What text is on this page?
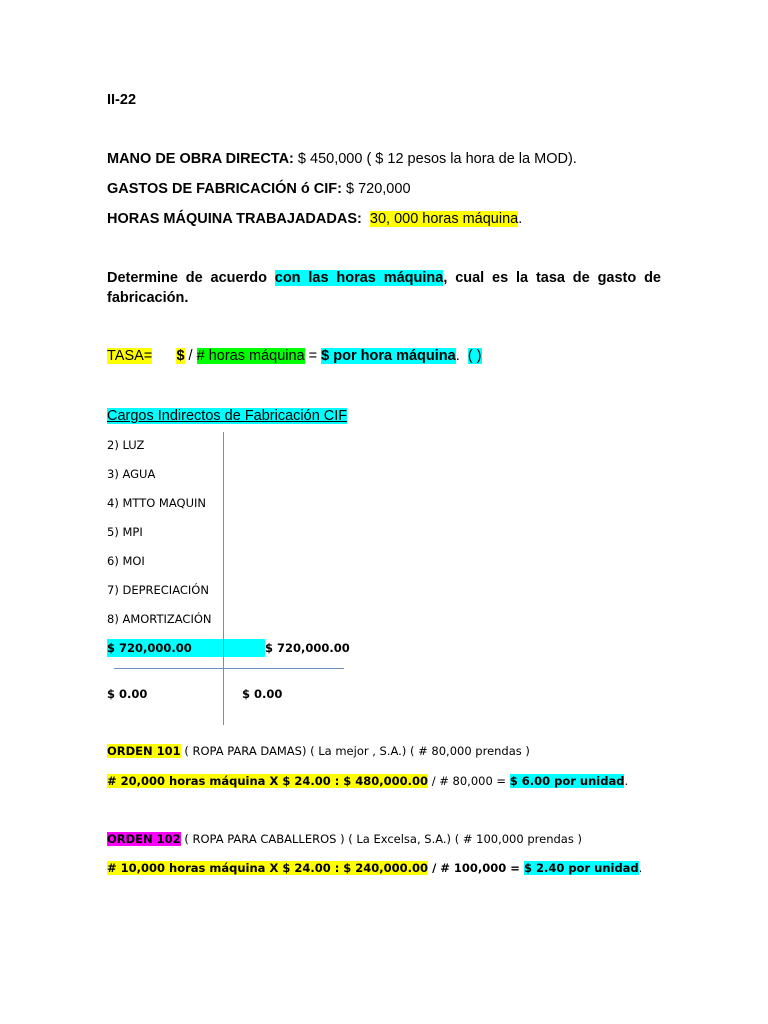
II-22
MANO DE OBRA DIRECTA: $ 450,000 ( $ 12 pesos la hora de la MOD).
GASTOS DE FABRICACIÓN ó CIF: $ 720,000
HORAS MÁQUINA TRABAJADADAS: 30, 000 horas máquina.
Determine de acuerdo con las horas máquina, cual es la tasa de gasto de fabricación.
TASA= $ / # horas máquina = $ por hora máquina. ( )
Cargos Indirectos de Fabricación CIF
2) LUZ
3) AGUA
4) MTTO MAQUIN
5) MPI
6) MOI
7) DEPRECIACIÓN
8) AMORTIZACIÓN
$ 720,000.00	$ 720,000.00
$ 0.00	$ 0.00
ORDEN 101 ( ROPA PARA DAMAS) ( La mejor , S.A.) ( # 80,000 prendas )
# 20,000 horas máquina X $ 24.00 : $ 480,000.00 / # 80,000 = $ 6.00 por unidad.
ORDEN 102 ( ROPA PARA CABALLEROS ) ( La Excelsa, S.A.) ( # 100,000 prendas )
# 10,000 horas máquina X $ 24.00 : $ 240,000.00 / # 100,000 = $ 2.40 por unidad.
